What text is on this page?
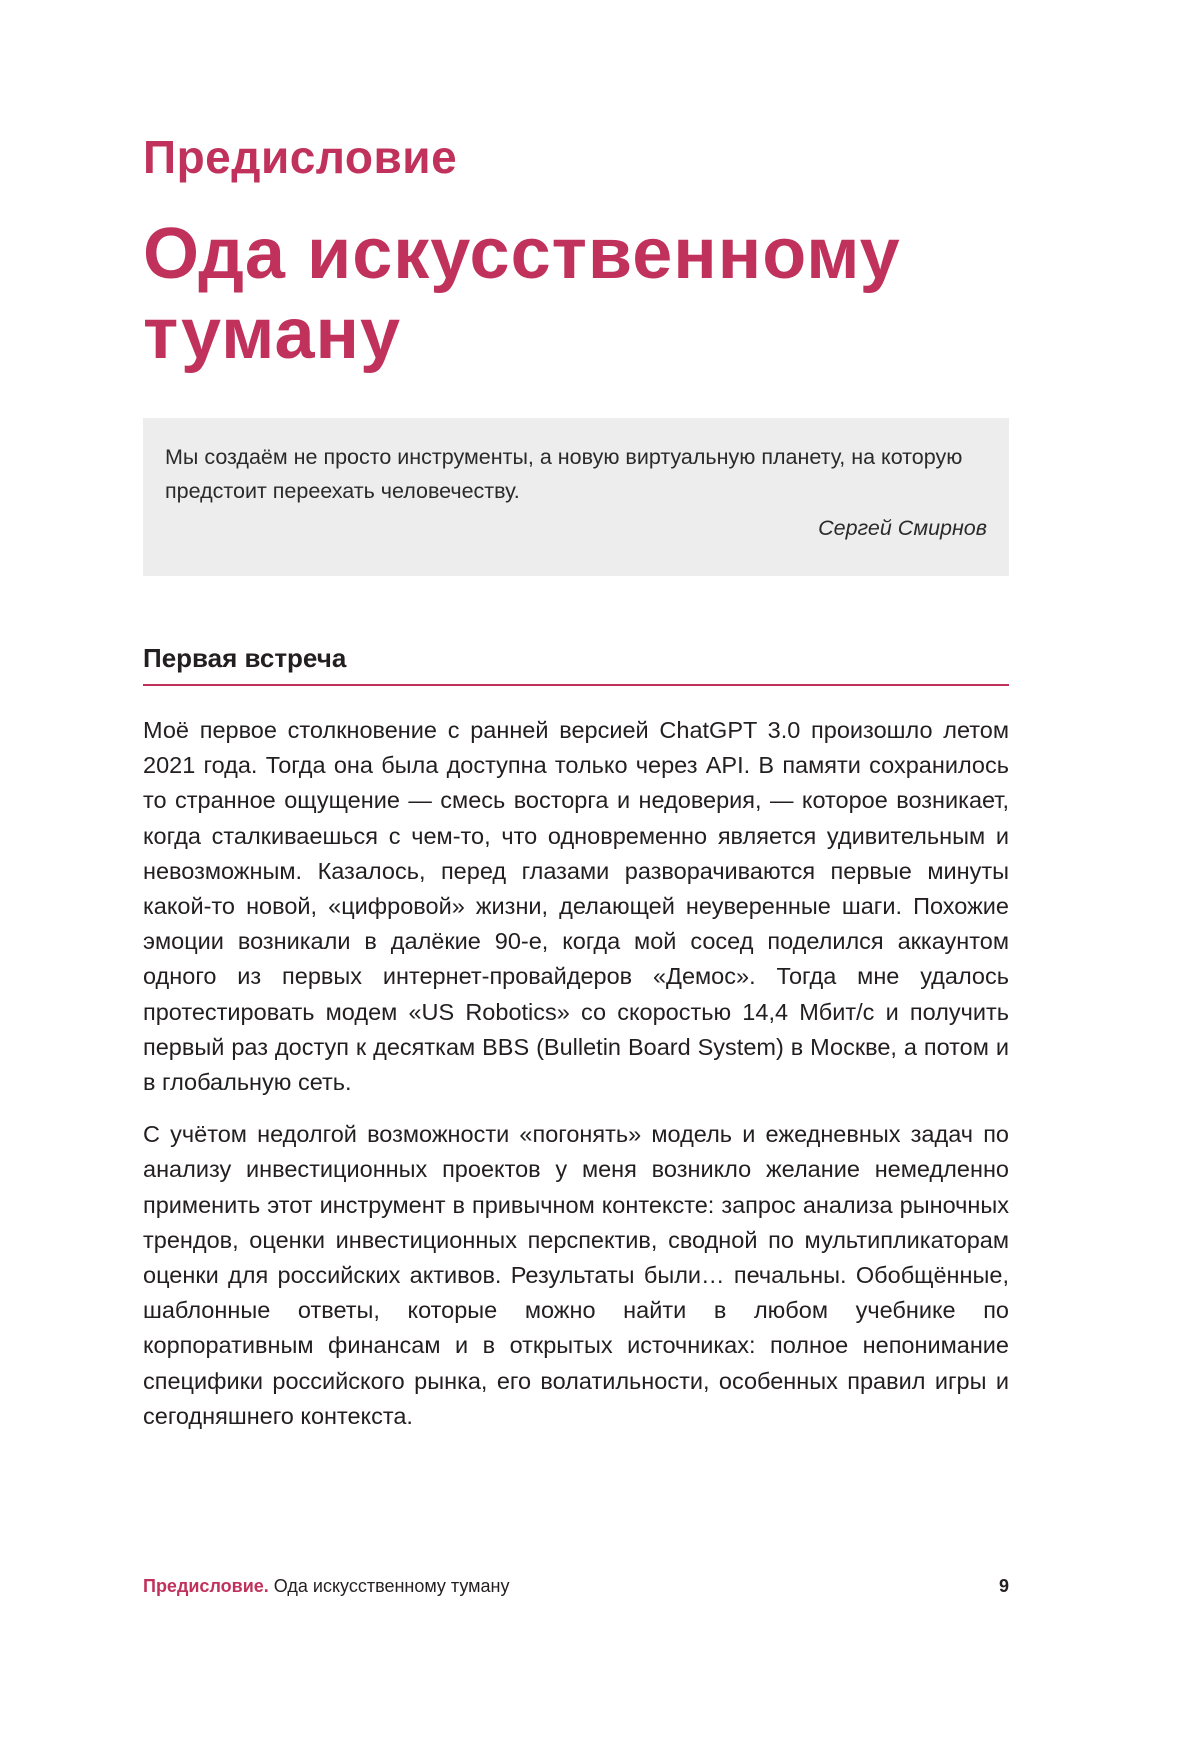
Предисловие
Ода искусственному туману

Мы создаём не просто инструменты, а новую виртуальную планету, на которую предстоит переехать человечеству.

Сергей Смирнов

Первая встреча

Моё первое столкновение с ранней версией ChatGPT 3.0 произошло летом 2021 года. Тогда она была доступна только через API. В памяти сохранилось то странное ощущение — смесь восторга и недоверия, — которое возникает, когда сталкиваешься с чем-то, что одновременно является удивительным и невозможным. Казалось, перед глазами разворачиваются первые минуты какой-то новой, «цифровой» жизни, делающей неуверенные шаги. Похожие эмоции возникали в далёкие 90-е, когда мой сосед поделился аккаунтом одного из первых интернет-провайдеров «Демос». Тогда мне удалось протестировать модем «US Robotics» со скоростью 14,4 Мбит/с и получить первый раз доступ к десяткам BBS (Bulletin Board System) в Москве, а потом и в глобальную сеть.

С учётом недолгой возможности «погонять» модель и ежедневных задач по анализу инвестиционных проектов у меня возникло желание немедленно применить этот инструмент в привычном контексте: запрос анализа рыночных трендов, оценки инвестиционных перспектив, сводной по мультипликаторам оценки для российских активов. Результаты были… печальны. Обобщённые, шаблонные ответы, которые можно найти в любом учебнике по корпоративным финансам и в открытых источниках: полное непонимание специфики российского рынка, его волатильности, особенных правил игры и сегодняшнего контекста.

Предисловие. Ода искусственному туману	9
